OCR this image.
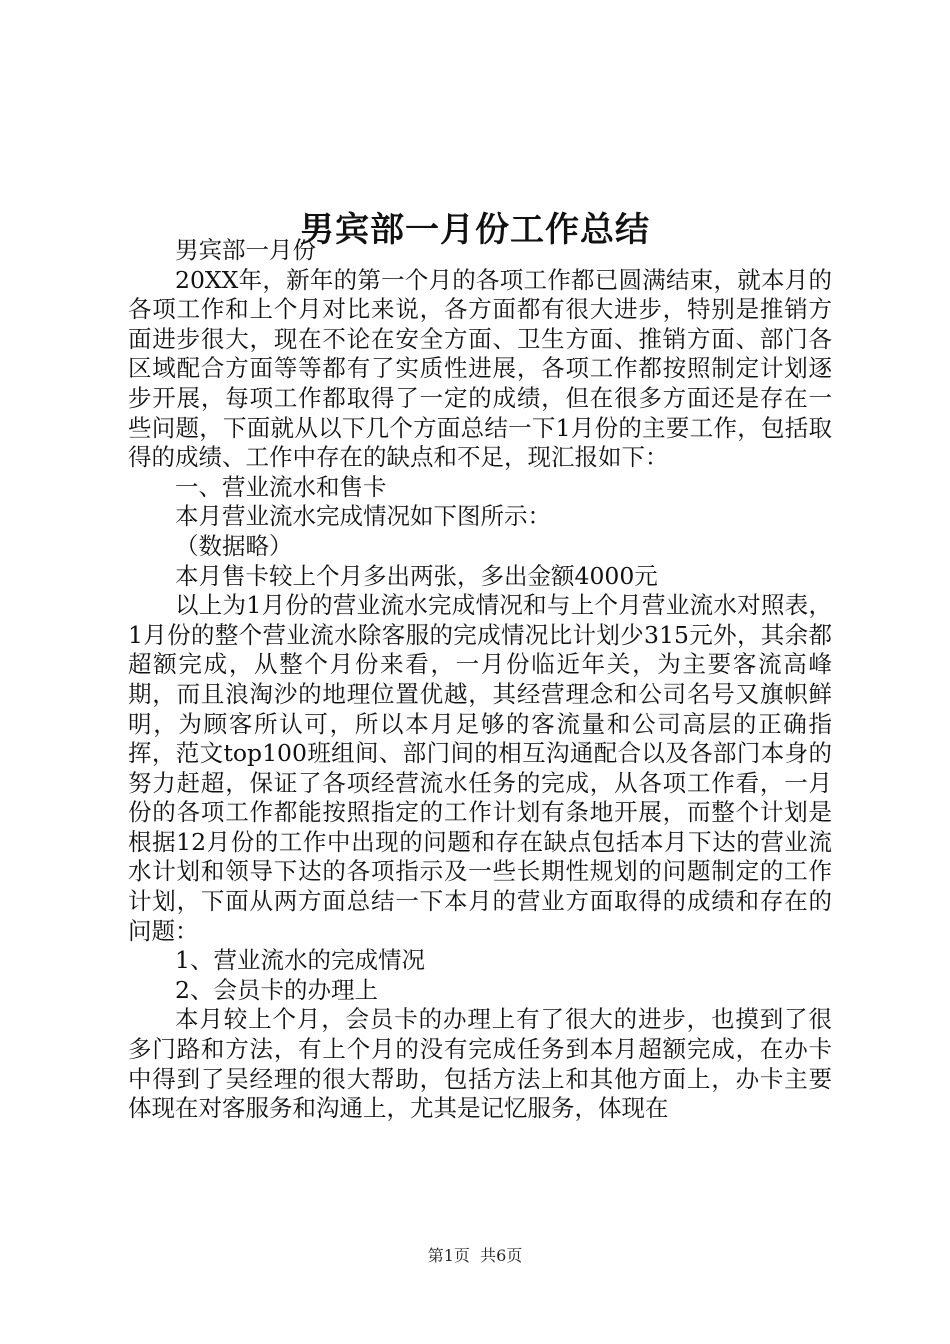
男宾部一月份工作总结

男宾部一月份

20XX年，新年的第一个月的各项工作都已圆满结束，就本月的各项工作和上个月对比来说，各方面都有很大进步，特别是推销方面进步很大，现在不论在安全方面、卫生方面、推销方面、部门各区域配合方面等等都有了实质性进展，各项工作都按照制定计划逐步开展，每项工作都取得了一定的成绩，但在很多方面还是存在一些问题，下面就从以下几个方面总结一下1月份的主要工作，包括取得的成绩、工作中存在的缺点和不足，现汇报如下：

一、营业流水和售卡

本月营业流水完成情况如下图所示：

（数据略）

本月售卡较上个月多出两张，多出金额4000元

以上为1月份的营业流水完成情况和与上个月营业流水对照表，1月份的整个营业流水除客服的完成情况比计划少315元外，其余都超额完成，从整个月份来看，一月份临近年关，为主要客流高峰期，而且浪淘沙的地理位置优越，其经营理念和公司名号又旗帜鲜明，为顾客所认可，所以本月足够的客流量和公司高层的正确指挥，范文top100班组间、部门间的相互沟通配合以及各部门本身的努力赶超，保证了各项经营流水任务的完成，从各项工作看，一月份的各项工作都能按照指定的工作计划有条地开展，而整个计划是根据12月份的工作中出现的问题和存在缺点包括本月下达的营业流水计划和领导下达的各项指示及一些长期性规划的问题制定的工作计划，下面从两方面总结一下本月的营业方面取得的成绩和存在的问题：

1、营业流水的完成情况

2、会员卡的办理上

本月较上个月，会员卡的办理上有了很大的进步，也摸到了很多门路和方法，有上个月的没有完成任务到本月超额完成，在办卡中得到了吴经理的很大帮助，包括方法上和其他方面上，办卡主要体现在对客服务和沟通上，尤其是记忆服务，体现在

第1页  共6页
